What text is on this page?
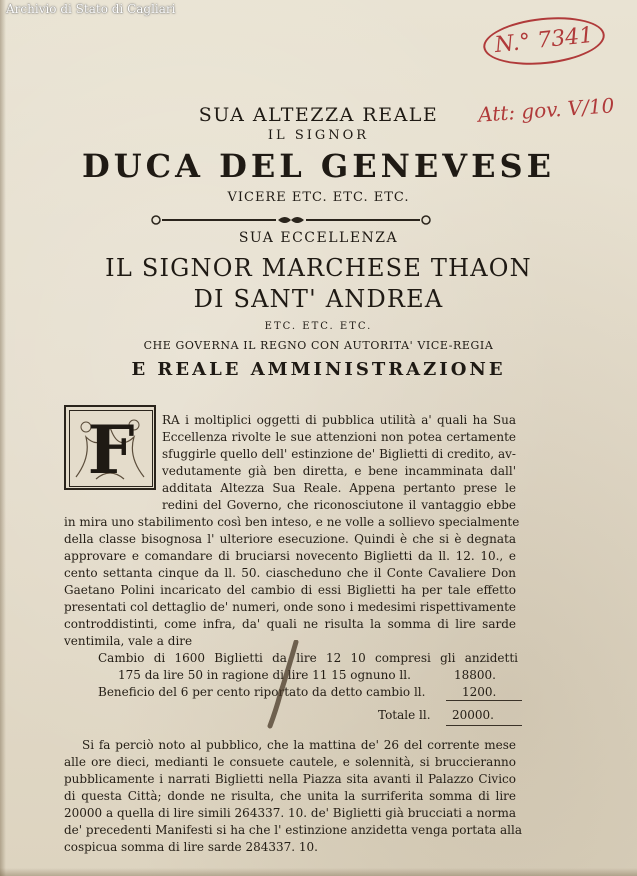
Archivio di Stato di Cagliari
N.° 7341
Att: gov. V/10
SUA ALTEZZA REALE
IL SIGNOR
DUCA DEL GENEVESE
VICERE ETC. ETC. ETC.
SUA ECCELLENZA
IL SIGNOR MARCHESE THAON
DI SANT' ANDREA
ETC. ETC. ETC.
CHE GOVERNA IL REGNO CON AUTORITA' VICE-REGIA
E REALE AMMINISTRAZIONE
F	RA i moltiplici oggetti di pubblica utilità a' quali ha Sua
Eccellenza rivolte le sue attenzioni non potea certamente
sfuggirle quello dell' estinzione de' Biglietti di credito, av-
vedutamente già ben diretta, e bene incamminata dall'
additata Altezza Sua Reale. Appena pertanto prese le
redini del Governo, che riconosciutone il vantaggio ebbe
in mira uno stabilimento così ben inteso, e ne volle a sollievo specialmente
della classe bisognosa l' ulteriore esecuzione. Quindi è che si è degnata
approvare e comandare di bruciarsi novecento Biglietti da ll. 12. 10., e
cento settanta cinque da ll. 50. ciascheduno che il Conte Cavaliere Don
Gaetano Polini incaricato del cambio di essi Biglietti ha per tale effetto
presentati col dettaglio de' numeri, onde sono i medesimi rispettivamente
controddistinti, come infra, da' quali ne risulta la somma di lire sarde
ventimila, vale a dire
Cambio di 1600 Biglietti da lire 12 10 compresi gli anzidetti
175 da lire 50 in ragione di lire 11 15 ognuno ll.	18800.
Beneficio del 6 per cento riportato da detto cambio ll.	1200.
Totale ll. 20000.
Si fa perciò noto al pubblico, che la mattina de' 26 del corrente mese
alle ore dieci, medianti le consuete cautele, e solennità, si bruccieranno
pubblicamente i narrati Biglietti nella Piazza sita avanti il Palazzo Civico
di questa Città; donde ne risulta, che unita la surriferita somma di lire
20000 a quella di lire simili 264337. 10. de' Biglietti già brucciati a norma
de' precedenti Manifesti si ha che l' estinzione anzidetta venga portata alla
cospicua somma di lire sarde 284337. 10.
